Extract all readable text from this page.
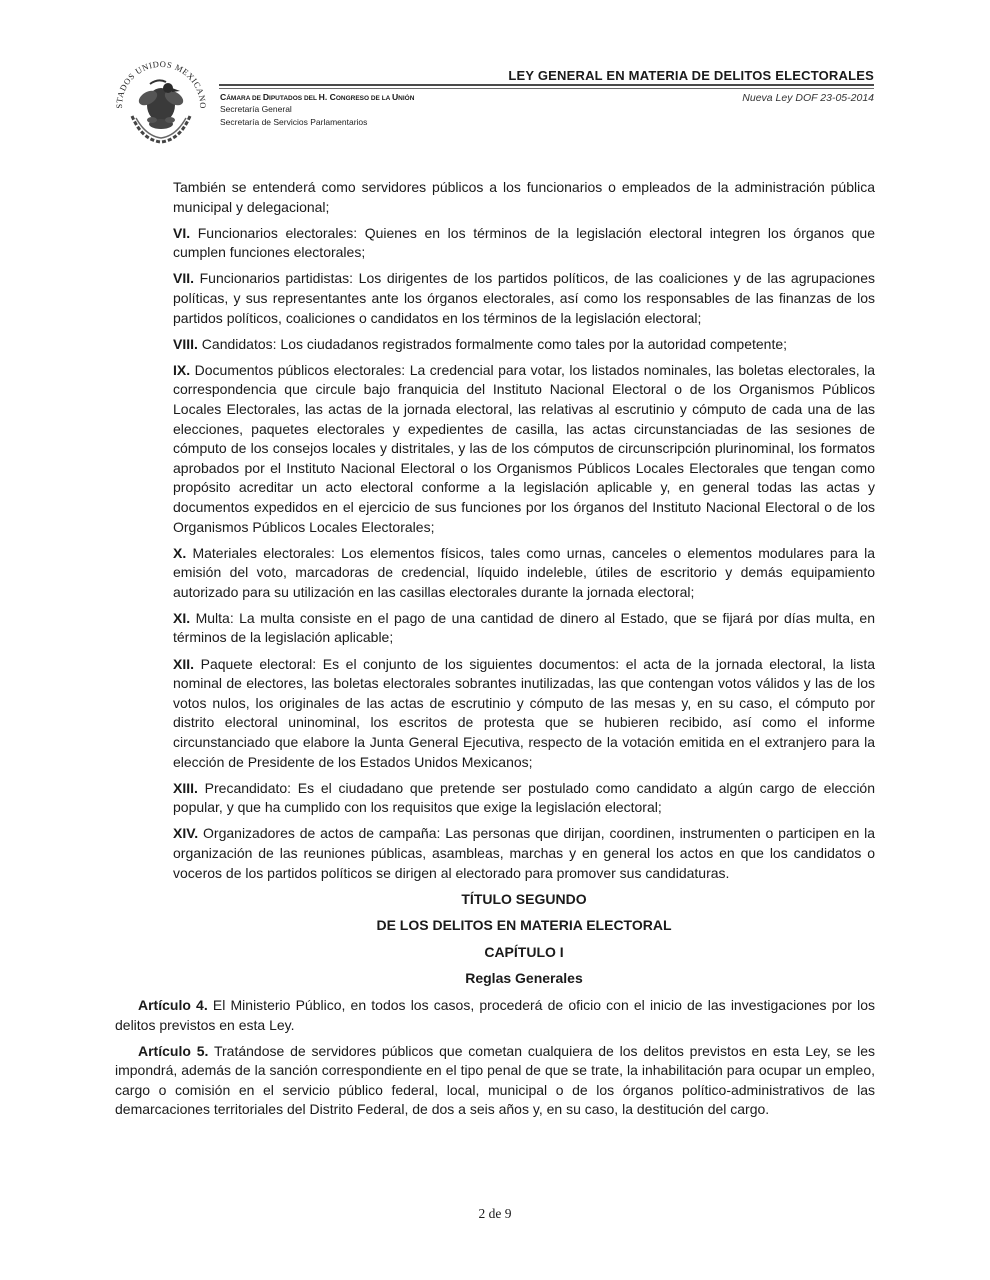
STADOS UNIDOS MEXICANO
LEY GENERAL EN MATERIA DE DELITOS ELECTORALES
CÁMARA DE DIPUTADOS DEL H. CONGRESO DE LA UNIÓN
Secretaría General
Secretaría de Servicios Parlamentarios
Nueva Ley DOF 23-05-2014

También se entenderá como servidores públicos a los funcionarios o empleados de la administración pública municipal y delegacional;

VI. Funcionarios electorales: Quienes en los términos de la legislación electoral integren los órganos que cumplen funciones electorales;

VII. Funcionarios partidistas: Los dirigentes de los partidos políticos, de las coaliciones y de las agrupaciones políticas, y sus representantes ante los órganos electorales, así como los responsables de las finanzas de los partidos políticos, coaliciones o candidatos en los términos de la legislación electoral;

VIII. Candidatos: Los ciudadanos registrados formalmente como tales por la autoridad competente;

IX. Documentos públicos electorales: La credencial para votar, los listados nominales, las boletas electorales, la correspondencia que circule bajo franquicia del Instituto Nacional Electoral o de los Organismos Públicos Locales Electorales, las actas de la jornada electoral, las relativas al escrutinio y cómputo de cada una de las elecciones, paquetes electorales y expedientes de casilla, las actas circunstanciadas de las sesiones de cómputo de los consejos locales y distritales, y las de los cómputos de circunscripción plurinominal, los formatos aprobados por el Instituto Nacional Electoral o los Organismos Públicos Locales Electorales que tengan como propósito acreditar un acto electoral conforme a la legislación aplicable y, en general todas las actas y documentos expedidos en el ejercicio de sus funciones por los órganos del Instituto Nacional Electoral o de los Organismos Públicos Locales Electorales;

X. Materiales electorales: Los elementos físicos, tales como urnas, canceles o elementos modulares para la emisión del voto, marcadoras de credencial, líquido indeleble, útiles de escritorio y demás equipamiento autorizado para su utilización en las casillas electorales durante la jornada electoral;

XI. Multa: La multa consiste en el pago de una cantidad de dinero al Estado, que se fijará por días multa, en términos de la legislación aplicable;

XII. Paquete electoral: Es el conjunto de los siguientes documentos: el acta de la jornada electoral, la lista nominal de electores, las boletas electorales sobrantes inutilizadas, las que contengan votos válidos y las de los votos nulos, los originales de las actas de escrutinio y cómputo de las mesas y, en su caso, el cómputo por distrito electoral uninominal, los escritos de protesta que se hubieren recibido, así como el informe circunstanciado que elabore la Junta General Ejecutiva, respecto de la votación emitida en el extranjero para la elección de Presidente de los Estados Unidos Mexicanos;

XIII. Precandidato: Es el ciudadano que pretende ser postulado como candidato a algún cargo de elección popular, y que ha cumplido con los requisitos que exige la legislación electoral;

XIV. Organizadores de actos de campaña: Las personas que dirijan, coordinen, instrumenten o participen en la organización de las reuniones públicas, asambleas, marchas y en general los actos en que los candidatos o voceros de los partidos políticos se dirigen al electorado para promover sus candidaturas.

TÍTULO SEGUNDO
DE LOS DELITOS EN MATERIA ELECTORAL
CAPÍTULO I
Reglas Generales

Artículo 4. El Ministerio Público, en todos los casos, procederá de oficio con el inicio de las investigaciones por los delitos previstos en esta Ley.

Artículo 5. Tratándose de servidores públicos que cometan cualquiera de los delitos previstos en esta Ley, se les impondrá, además de la sanción correspondiente en el tipo penal de que se trate, la inhabilitación para ocupar un empleo, cargo o comisión en el servicio público federal, local, municipal o de los órganos político-administrativos de las demarcaciones territoriales del Distrito Federal, de dos a seis años y, en su caso, la destitución del cargo.

2 de 9
